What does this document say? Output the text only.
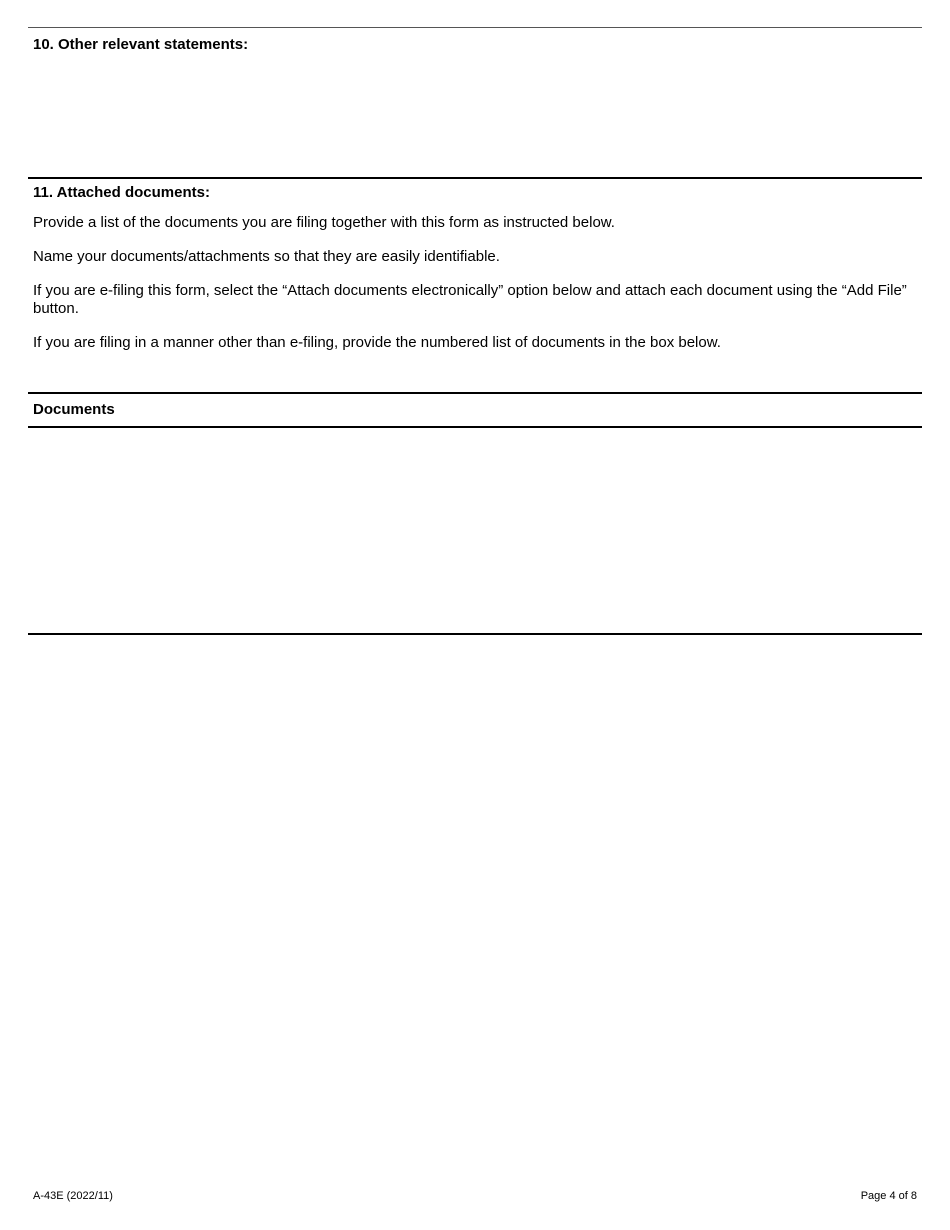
10. Other relevant statements:
11. Attached documents:
Provide a list of the documents you are filing together with this form as instructed below.
Name your documents/attachments so that they are easily identifiable.
If you are e-filing this form, select the “Attach documents electronically” option below and attach each document using the “Add File” button.
If you are filing in a manner other than e-filing, provide the numbered list of documents in the box below.
Documents
A-43E (2022/11)	Page 4 of 8
